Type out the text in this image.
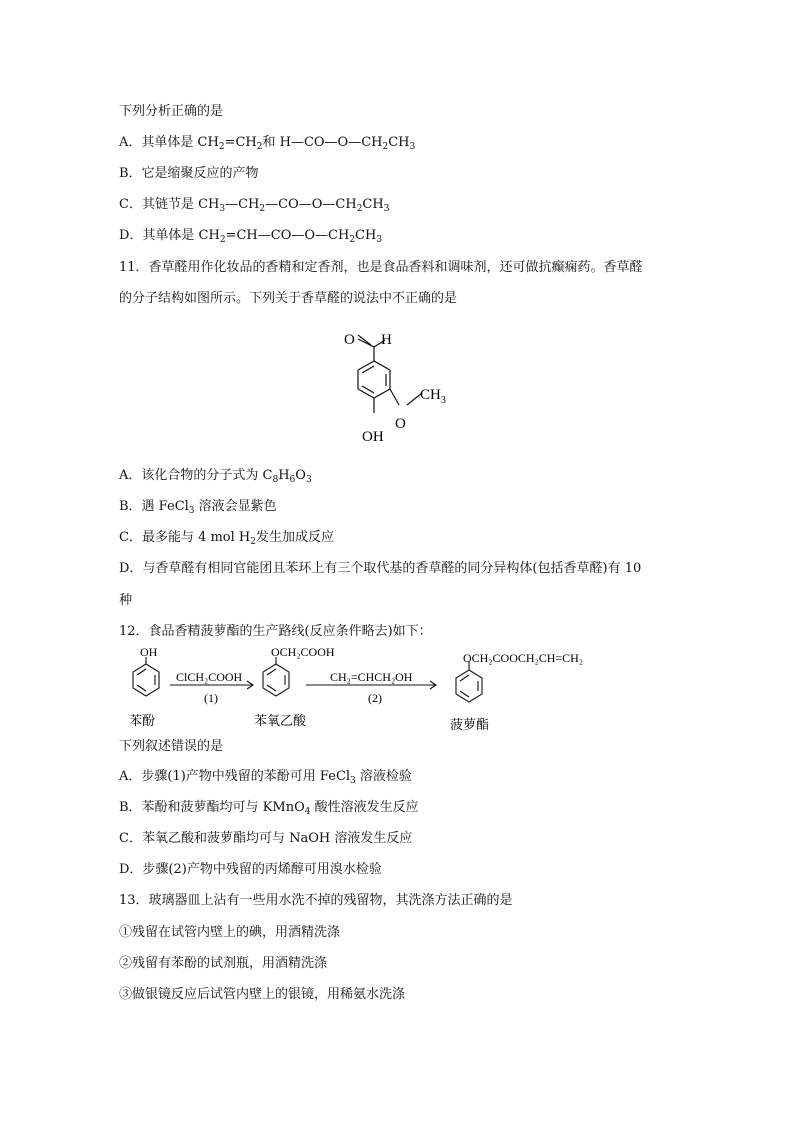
下列分析正确的是
A．其单体是 $CH_2=CH_2$和 $H—CO—O—CH_2CH_3$
B．它是缩聚反应的产物
C．其链节是 $CH_3—CH_2—CO—O—CH_2CH_3$
D．其单体是 $CH_2=CH—CO—O—CH_2CH_3$
11．香草醛用作化妆品的香精和定香剂，也是食品香料和调味剂，还可做抗癫痫药。香草醛
的分子结构如图所示。下列关于香草醛的说法中不正确的是
O H
O
$CH_3$
OH
A．该化合物的分子式为 $C_8H_6O_3$
B．遇 FeCl$_3$ 溶液会显紫色
C．最多能与 4 mol $H_2$发生加成反应
D．与香草醛有相同官能团且苯环上有三个取代基的香草醛的同分异构体(包括香草醛)有 10
种
12．食品香精菠萝酯的生产路线(反应条件略去)如下：
OH
ClCH₂COOH
(1)
OCH₂COOH
CH₂=CHCH₂OH
(2)
OCH₂COOCH₂CH=CH₂
苯酚	苯氧乙酸	菠萝酯
下列叙述错误的是
A．步骤(1)产物中残留的苯酚可用 FeCl$_3$ 溶液检验
B．苯酚和菠萝酯均可与 KMnO$_4$ 酸性溶液发生反应
C．苯氧乙酸和菠萝酯均可与 NaOH 溶液发生反应
D．步骤(2)产物中残留的丙烯醇可用溴水检验
13．玻璃器皿上沾有一些用水洗不掉的残留物，其洗涤方法正确的是
①残留在试管内壁上的碘，用酒精洗涤
②残留有苯酚的试剂瓶，用酒精洗涤
③做银镜反应后试管内壁上的银镜，用稀氨水洗涤
